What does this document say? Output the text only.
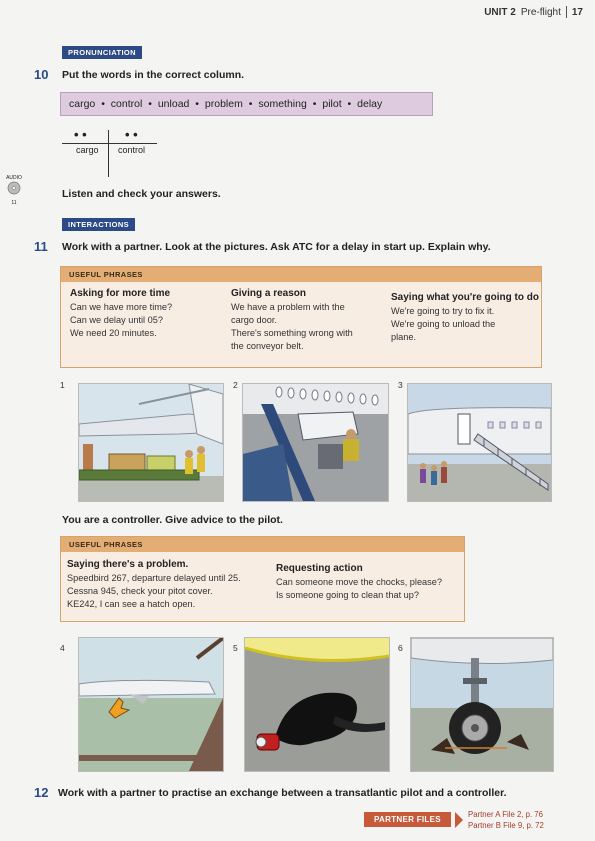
UNIT 2 Pre-flight 17
PRONUNCIATION
10 Put the words in the correct column.
cargo • control • unload • problem • something • pilot • delay
• •	• •
cargo control
AUDIO
11
Listen and check your answers.
INTERACTIONS
11 Work with a partner. Look at the pictures. Ask ATC for a delay in start up. Explain why.
USEFUL PHRASES
Asking for more time
Can we have more time?
Can we delay until 05?
We need 20 minutes.
Giving a reason
We have a problem with the
cargo door.
There's something wrong with
the conveyor belt.
Saying what you're going to do
We're going to try to fix it.
We're going to unload the
plane.
1	2	3
You are a controller. Give advice to the pilot.
USEFUL PHRASES
Saying there's a problem.
Speedbird 267, departure delayed until 25.
Cessna 945, check your pitot cover.
KE242, I can see a hatch open.
Requesting action
Can someone move the chocks, please?
Is someone going to clean that up?
4	5	6
12 Work with a partner to practise an exchange between a transatlantic pilot and a controller.
PARTNER FILES
Partner A File 2, p. 76
Partner B File 9, p. 72
